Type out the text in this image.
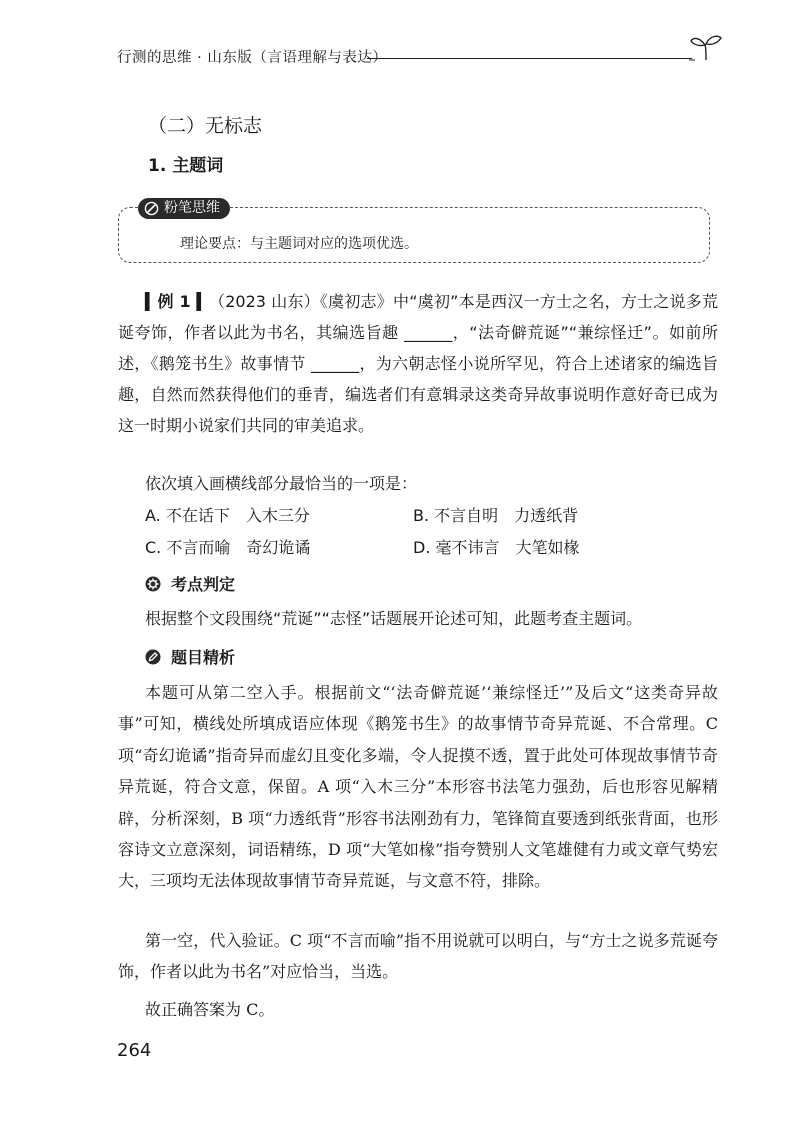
行测的思维 · 山东版（言语理解与表达）
（二）无标志
1. 主题词
粉笔思维
理论要点：与主题词对应的选项优选。
▍例 1 ▍（2023 山东）《虞初志》中“虞初”本是西汉一方士之名，方士之说多荒诞夸饰，作者以此为书名，其编选旨趣 ______，“法奇僻荒诞”“兼综怪迁”。如前所述，《鹅笼书生》故事情节 ______，为六朝志怪小说所罕见，符合上述诸家的编选旨趣，自然而然获得他们的垂青，编选者们有意辑录这类奇异故事说明作意好奇已成为这一时期小说家们共同的审美追求。
依次填入画横线部分最恰当的一项是：
A. 不在话下　入木三分	B. 不言自明　力透纸背
C. 不言而喻　奇幻诡谲	D. 毫不讳言　大笔如椽
考点判定
根据整个文段围绕“荒诞”“志怪”话题展开论述可知，此题考查主题词。
题目精析
本题可从第二空入手。根据前文“‘法奇僻荒诞’‘兼综怪迁’”及后文“这类奇异故事”可知，横线处所填成语应体现《鹅笼书生》的故事情节奇异荒诞、不合常理。C 项“奇幻诡谲”指奇异而虚幻且变化多端，令人捉摸不透，置于此处可体现故事情节奇异荒诞，符合文意，保留。A 项“入木三分”本形容书法笔力强劲，后也形容见解精辟，分析深刻，B 项“力透纸背”形容书法刚劲有力，笔锋简直要透到纸张背面，也形容诗文立意深刻，词语精练，D 项“大笔如椽”指夸赞别人文笔雄健有力或文章气势宏大，三项均无法体现故事情节奇异荒诞，与文意不符，排除。
第一空，代入验证。C 项“不言而喻”指不用说就可以明白，与“方士之说多荒诞夸饰，作者以此为书名”对应恰当，当选。
故正确答案为 C。
264
